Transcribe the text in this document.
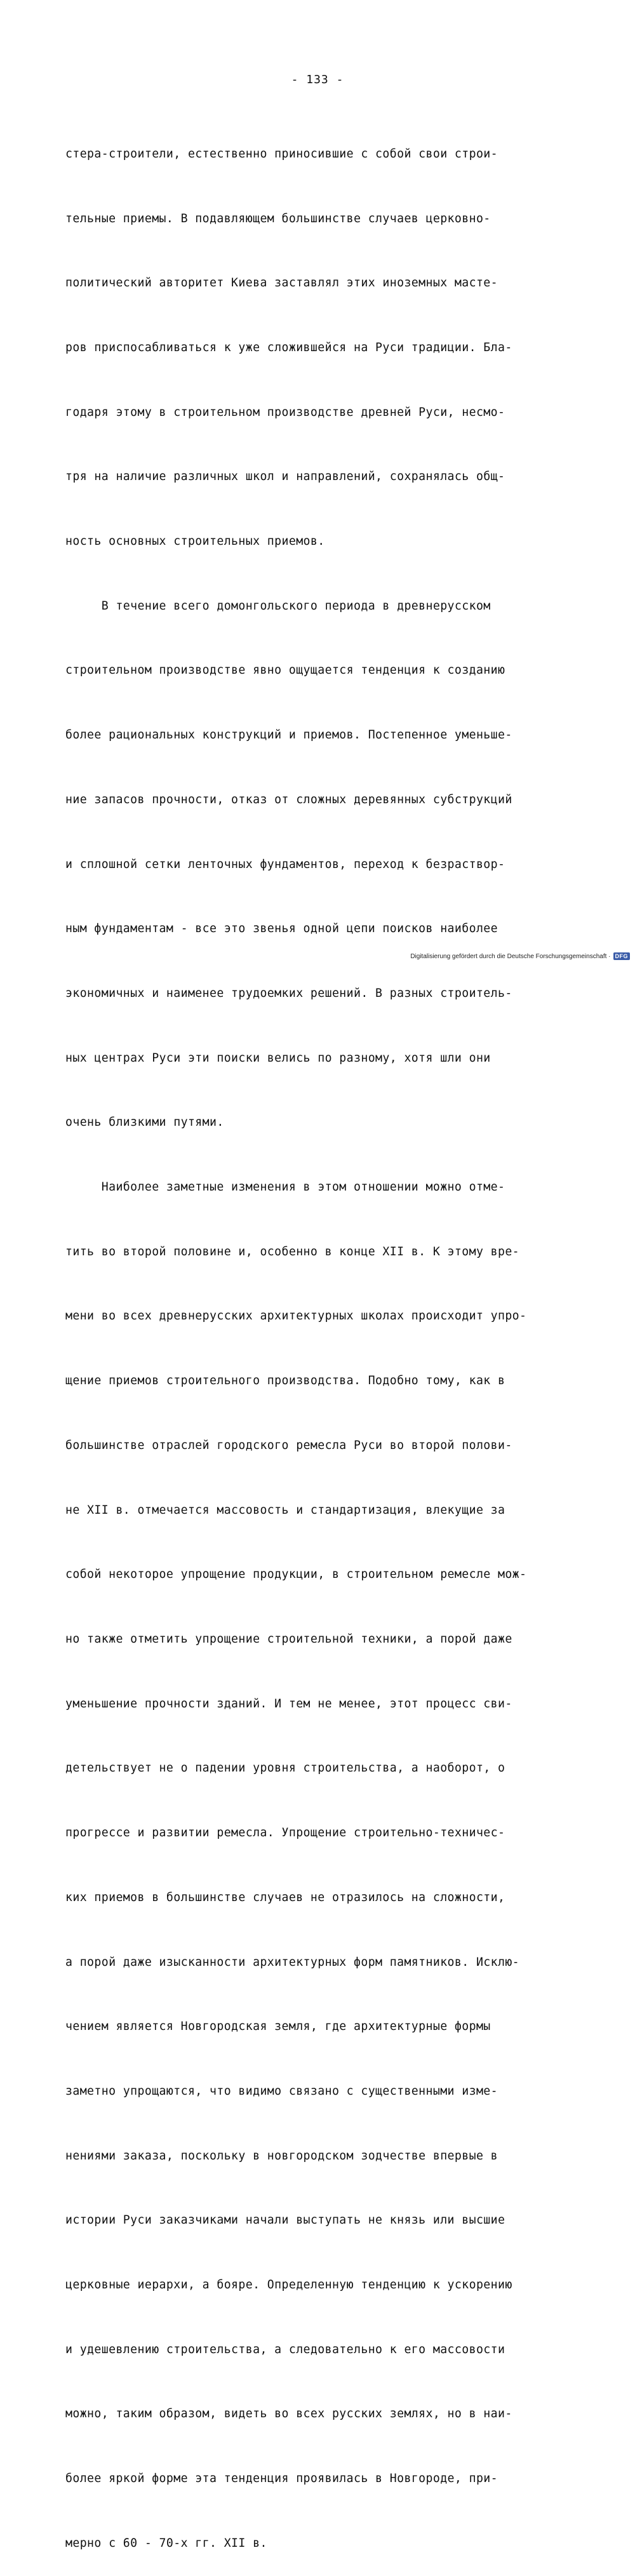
- 133 -

стера-строители, естественно приносившие с собой свои строи-

тельные приемы. В подавляющем большинстве случаев церковно-

политический авторитет Киева заставлял этих иноземных масте-

ров приспосабливаться к уже сложившейся на Руси традиции. Бла-

годаря этому в строительном производстве древней Руси, несмо-

тря на наличие различных школ и направлений, сохранялась общ-

ность основных строительных приемов.

В течение всего домонгольского периода в древнерусском

строительном производстве явно ощущается тенденция к созданию

более рациональных конструкций и приемов. Постепенное уменьше-

ние запасов прочности, отказ от сложных деревянных субструкций

и сплошной сетки ленточных фундаментов, переход к безраствор-

ным фундаментам - все это звенья одной цепи поисков наиболее

экономичных и наименее трудоемких решений. В разных строитель-

ных центрах Руси эти поиски велись по разному, хотя шли они

очень близкими путями.

Наиболее заметные изменения в этом отношении можно отме-

тить во второй половине и, особенно в конце XII в. К этому вре-

мени во всех древнерусских архитектурных школах происходит упро-

щение приемов строительного производства. Подобно тому, как в

большинстве отраслей городского ремесла Руси во второй полови-

не XII в. отмечается массовость и стандартизация, влекущие за

собой некоторое упрощение продукции, в строительном ремесле мож-

но также отметить упрощение строительной техники, а порой даже

уменьшение прочности зданий. И тем не менее, этот процесс сви-

детельствует не о падении уровня строительства, а наоборот, о

прогрессе и развитии ремесла. Упрощение строительно-техничес-

ких приемов в большинстве случаев не отразилось на сложности,

а порой даже изысканности архитектурных форм памятников. Исклю-

чением является Новгородская земля, где архитектурные формы

заметно упрощаются, что видимо связано с существенными изме-

нениями заказа, поскольку в новгородском зодчестве впервые в

истории Руси заказчиками начали выступать не князь или высшие

церковные иерархи, а бояре. Определенную тенденцию к ускорению

и удешевлению строительства, а следовательно к его массовости

можно, таким образом, видеть во всех русских землях, но в наи-

более яркой форме эта тенденция проявилась в Новгороде, при-

мерно с 60 - 70-х гг. XII в.

Digitalisierung gefördert durch die Deutsche Forschungsgemeinschaft · DFG
